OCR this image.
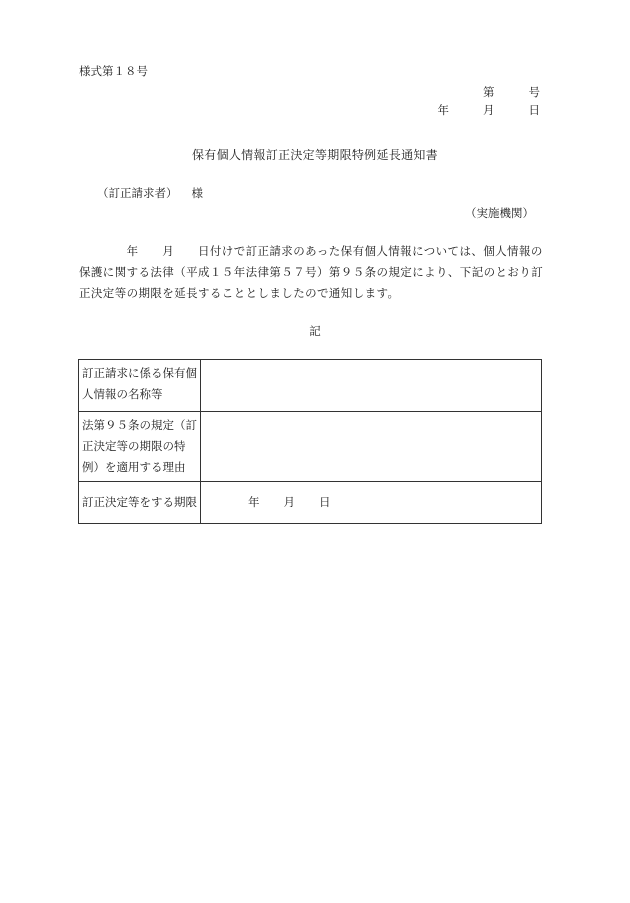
様式第１８号
第	号
年	月	日
保有個人情報訂正決定等期限特例延長通知書
（訂正請求者） 様
（実施機関）
　　　　年　　月　　日付けで訂正請求のあった保有個人情報については、個人情報の保護に関する法律（平成１５年法律第５７号）第９５条の規定により、下記のとおり訂正決定等の期限を延長することとしましたので通知します。
記
訂正請求に係る保有個人情報の名称等	
法第９５条の規定（訂正決定等の期限の特例）を適用する理由	
訂正決定等をする期限	年 月 日
